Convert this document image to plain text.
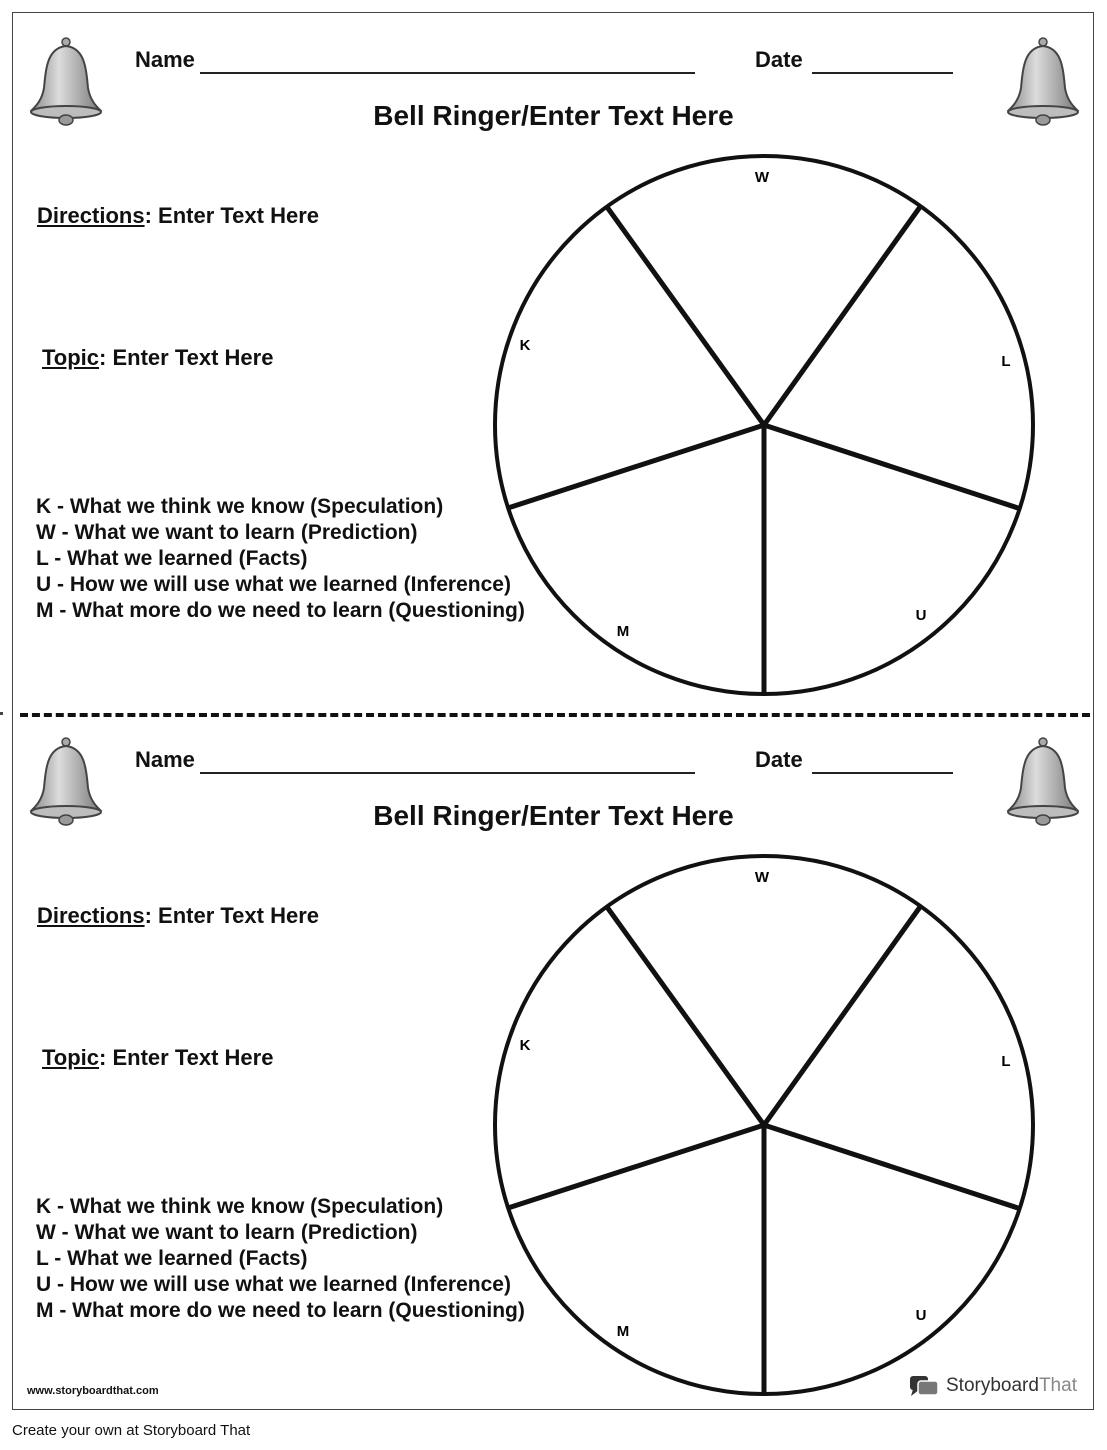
Name	Date
Bell Ringer/Enter Text Here
Directions: Enter Text Here
Topic: Enter Text Here
K - What we think we know (Speculation)
W - What we want to learn (Prediction)
L - What we learned (Facts)
U - How we will use what we learned (Inference)
M - What more do we need to learn (Questioning)
W
L
U
M
K
Name	Date
Bell Ringer/Enter Text Here
Directions: Enter Text Here
Topic: Enter Text Here
K - What we think we know (Speculation)
W - What we want to learn (Prediction)
L - What we learned (Facts)
U - How we will use what we learned (Inference)
M - What more do we need to learn (Questioning)
W
L
U
M
K
www.storyboardthat.com	StoryboardThat
Create your own at Storyboard That
